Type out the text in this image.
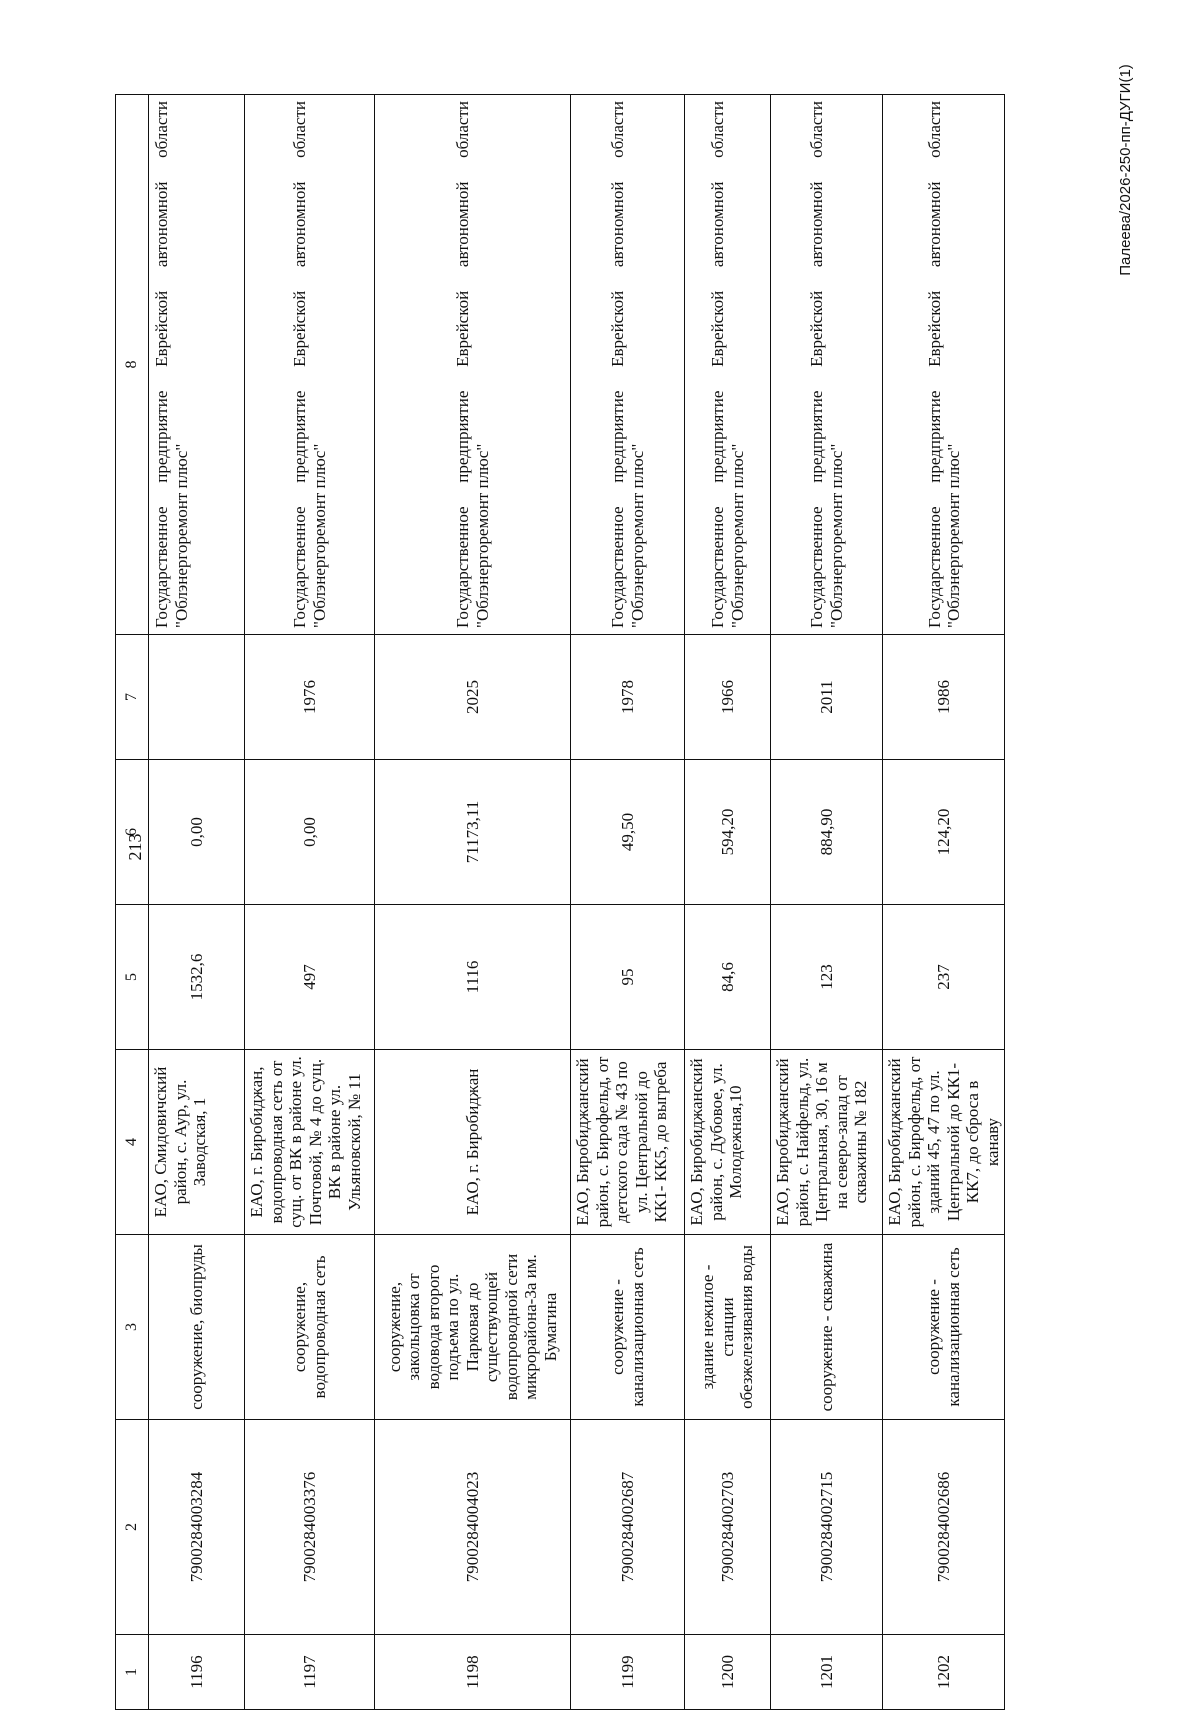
213
Палеева/2026-250-пп-ДУГИ(1)
1	2	3	4	5	6	7	8
1196	7900284003284	сооружение, биопруды	ЕАО, Смидовичский район, с. Аур, ул. Заводская, 1	1532,6	0,00		Государственное предприятие Еврейской автономной области "Облэнергоремонт плюс"
1197	7900284003376	сооружение, водопроводная сеть	ЕАО, г. Биробиджан, водопроводная сеть от сущ. от ВК в районе ул. Почтовой, № 4 до сущ. ВК в районе ул. Ульяновской, № 11	497	0,00	1976	Государственное предприятие Еврейской автономной области "Облэнергоремонт плюс"
1198	7900284004023	сооружение, закольцовка от водовода второго подъема по ул. Парковая до существующей водопроводной сети микрорайона-3а им. Бумагина	ЕАО, г. Биробиджан	1116	71173,11	2025	Государственное предприятие Еврейской автономной области "Облэнергоремонт плюс"
1199	7900284002687	сооружение - канализационная сеть	ЕАО, Биробиджанский район, с. Бирофельд, от детского сада № 43 по ул. Центральной до КК1- КК5, до выгреба	95	49,50	1978	Государственное предприятие Еврейской автономной области "Облэнергоремонт плюс"
1200	7900284002703	здание нежилое - станции обезжелезивания воды	ЕАО, Биробиджанский район, с. Дубовое, ул. Молодежная,10	84,6	594,20	1966	Государственное предприятие Еврейской автономной области "Облэнергоремонт плюс"
1201	7900284002715	сооружение - скважина	ЕАО, Биробиджанский район, с. Найфельд, ул. Центральная, 30, 16 м на северо-запад от скважины № 182	123	884,90	2011	Государственное предприятие Еврейской автономной области "Облэнергоремонт плюс"
1202	7900284002686	сооружение - канализационная сеть	ЕАО, Биробиджанский район, с. Бирофельд, от зданий 45, 47 по ул. Центральной до КК1- КК7, до сброса в канаву	237	124,20	1986	Государственное предприятие Еврейской автономной области "Облэнергоремонт плюс"
